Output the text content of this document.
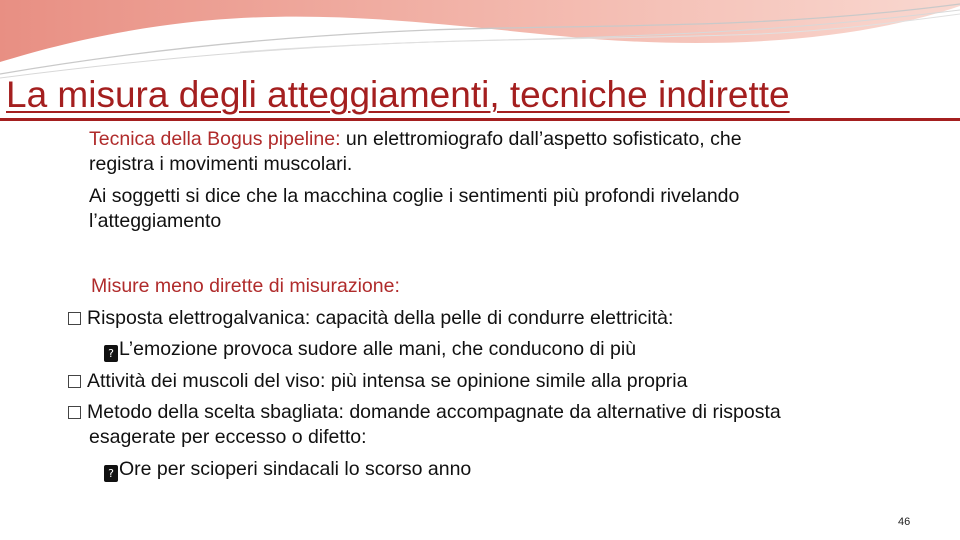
La misura degli atteggiamenti, tecniche indirette
Tecnica della Bogus pipeline: un elettromiografo dall’aspetto sofisticato, che
registra i movimenti muscolari.
Ai soggetti si dice che la macchina coglie i sentimenti più profondi rivelando
l’atteggiamento
Misure meno dirette di misurazione:
Risposta elettrogalvanica: capacità della pelle di condurre elettricità:
? L’emozione provoca sudore alle mani, che conducono di più
Attività dei muscoli del viso: più intensa se opinione simile alla propria
Metodo della scelta sbagliata: domande accompagnate da alternative di risposta
esagerate per eccesso o difetto:
? Ore per scioperi sindacali lo scorso anno
46
